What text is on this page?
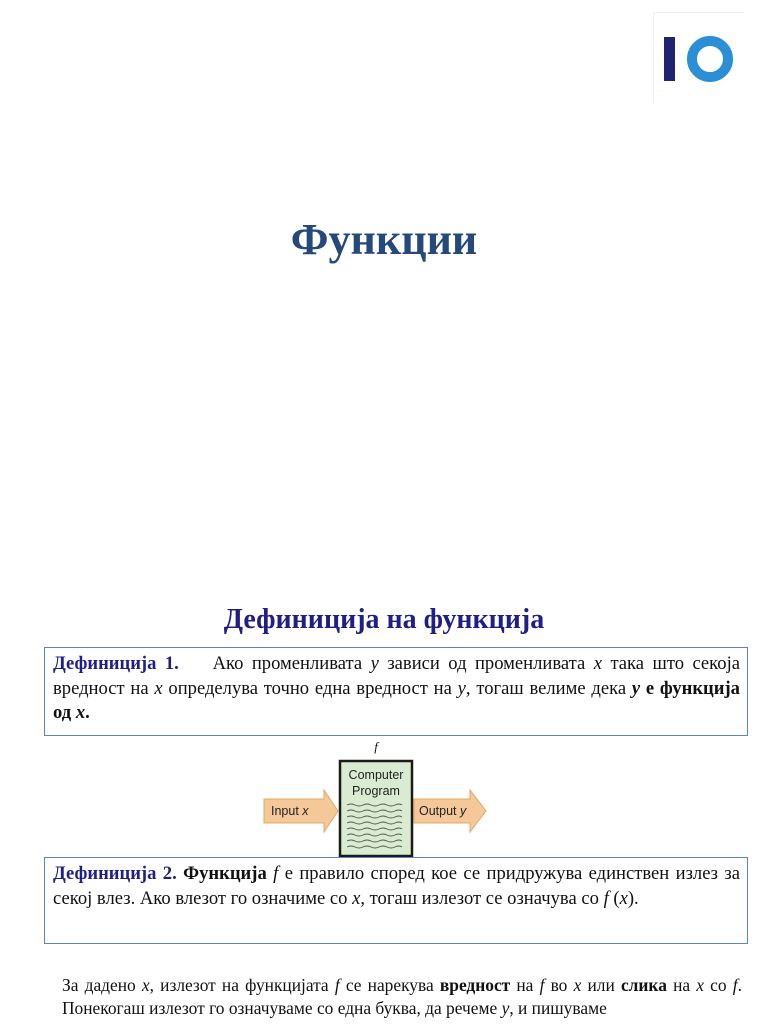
Функции
Дефиниција на функција
Дефиниција 1. Ако променливата y зависи од променливата x така што секоја вредност на x определува точно една вредност на y, тогаш велиме дека y е функција од x.
f
Input x
Computer
Program
Output y
Дефиниција 2. Функција f е правило според кое се придружува единствен излез за секој влез. Ако влезот го означиме со x, тогаш излезот се означува со f (x).
За дадено x, излезот на функцијата f се нарекува вредност на f во x или слика на x со f. Понекогаш излезот го означуваме со една буква, да речеме y, и пишуваме
